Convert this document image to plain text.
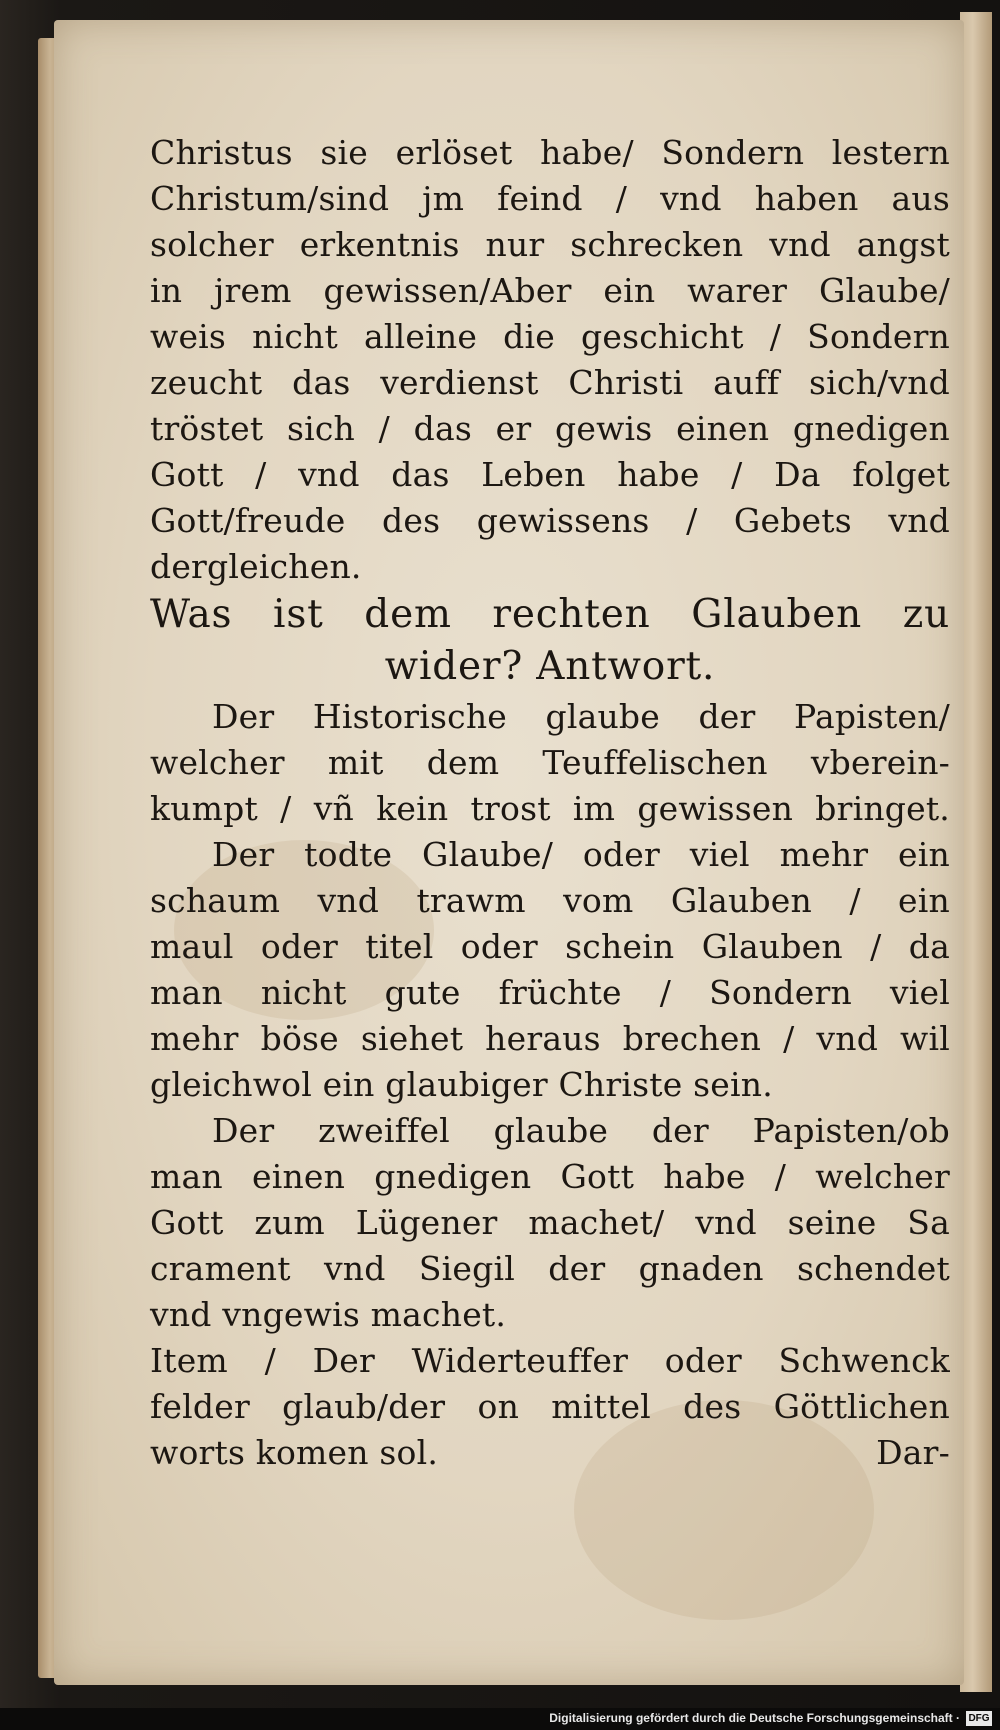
Christus sie erlöset habe/ Sondern lestern
Christum/sind jm feind / vnd haben aus
solcher erkentnis nur schrecken vnd angst
in jrem gewissen/Aber ein warer Glaube/
weis nicht alleine die geschicht / Sondern
zeucht das verdienst Christi auff sich/vnd
tröstet sich / das er gewis einen gnedigen
Gott / vnd das Leben habe / Da folget
Gott/freude des gewissens / Gebets vnd
dergleichen.
Was ist dem rechten Glauben zu
wider? Antwort.
Der Historische glaube der Papisten/
welcher mit dem Teuffelischen vberein-
kumpt / vñ kein trost im gewissen bringet.
Der todte Glaube/ oder viel mehr ein
schaum vnd trawm vom Glauben / ein
maul oder titel oder schein Glauben / da
man nicht gute früchte / Sondern viel
mehr böse siehet heraus brechen / vnd wil
gleichwol ein glaubiger Christe sein.
Der zweiffel glaube der Papisten/ob
man einen gnedigen Gott habe / welcher
Gott zum Lügener machet/ vnd seine Sa
crament vnd Siegil der gnaden schendet
vnd vngewis machet.
Item / Der Widerteuffer oder Schwenck
felder glaub/der on mittel des Göttlichen
worts komen sol.	Dar-
Digitalisierung gefördert durch die Deutsche Forschungsgemeinschaft · DFG
